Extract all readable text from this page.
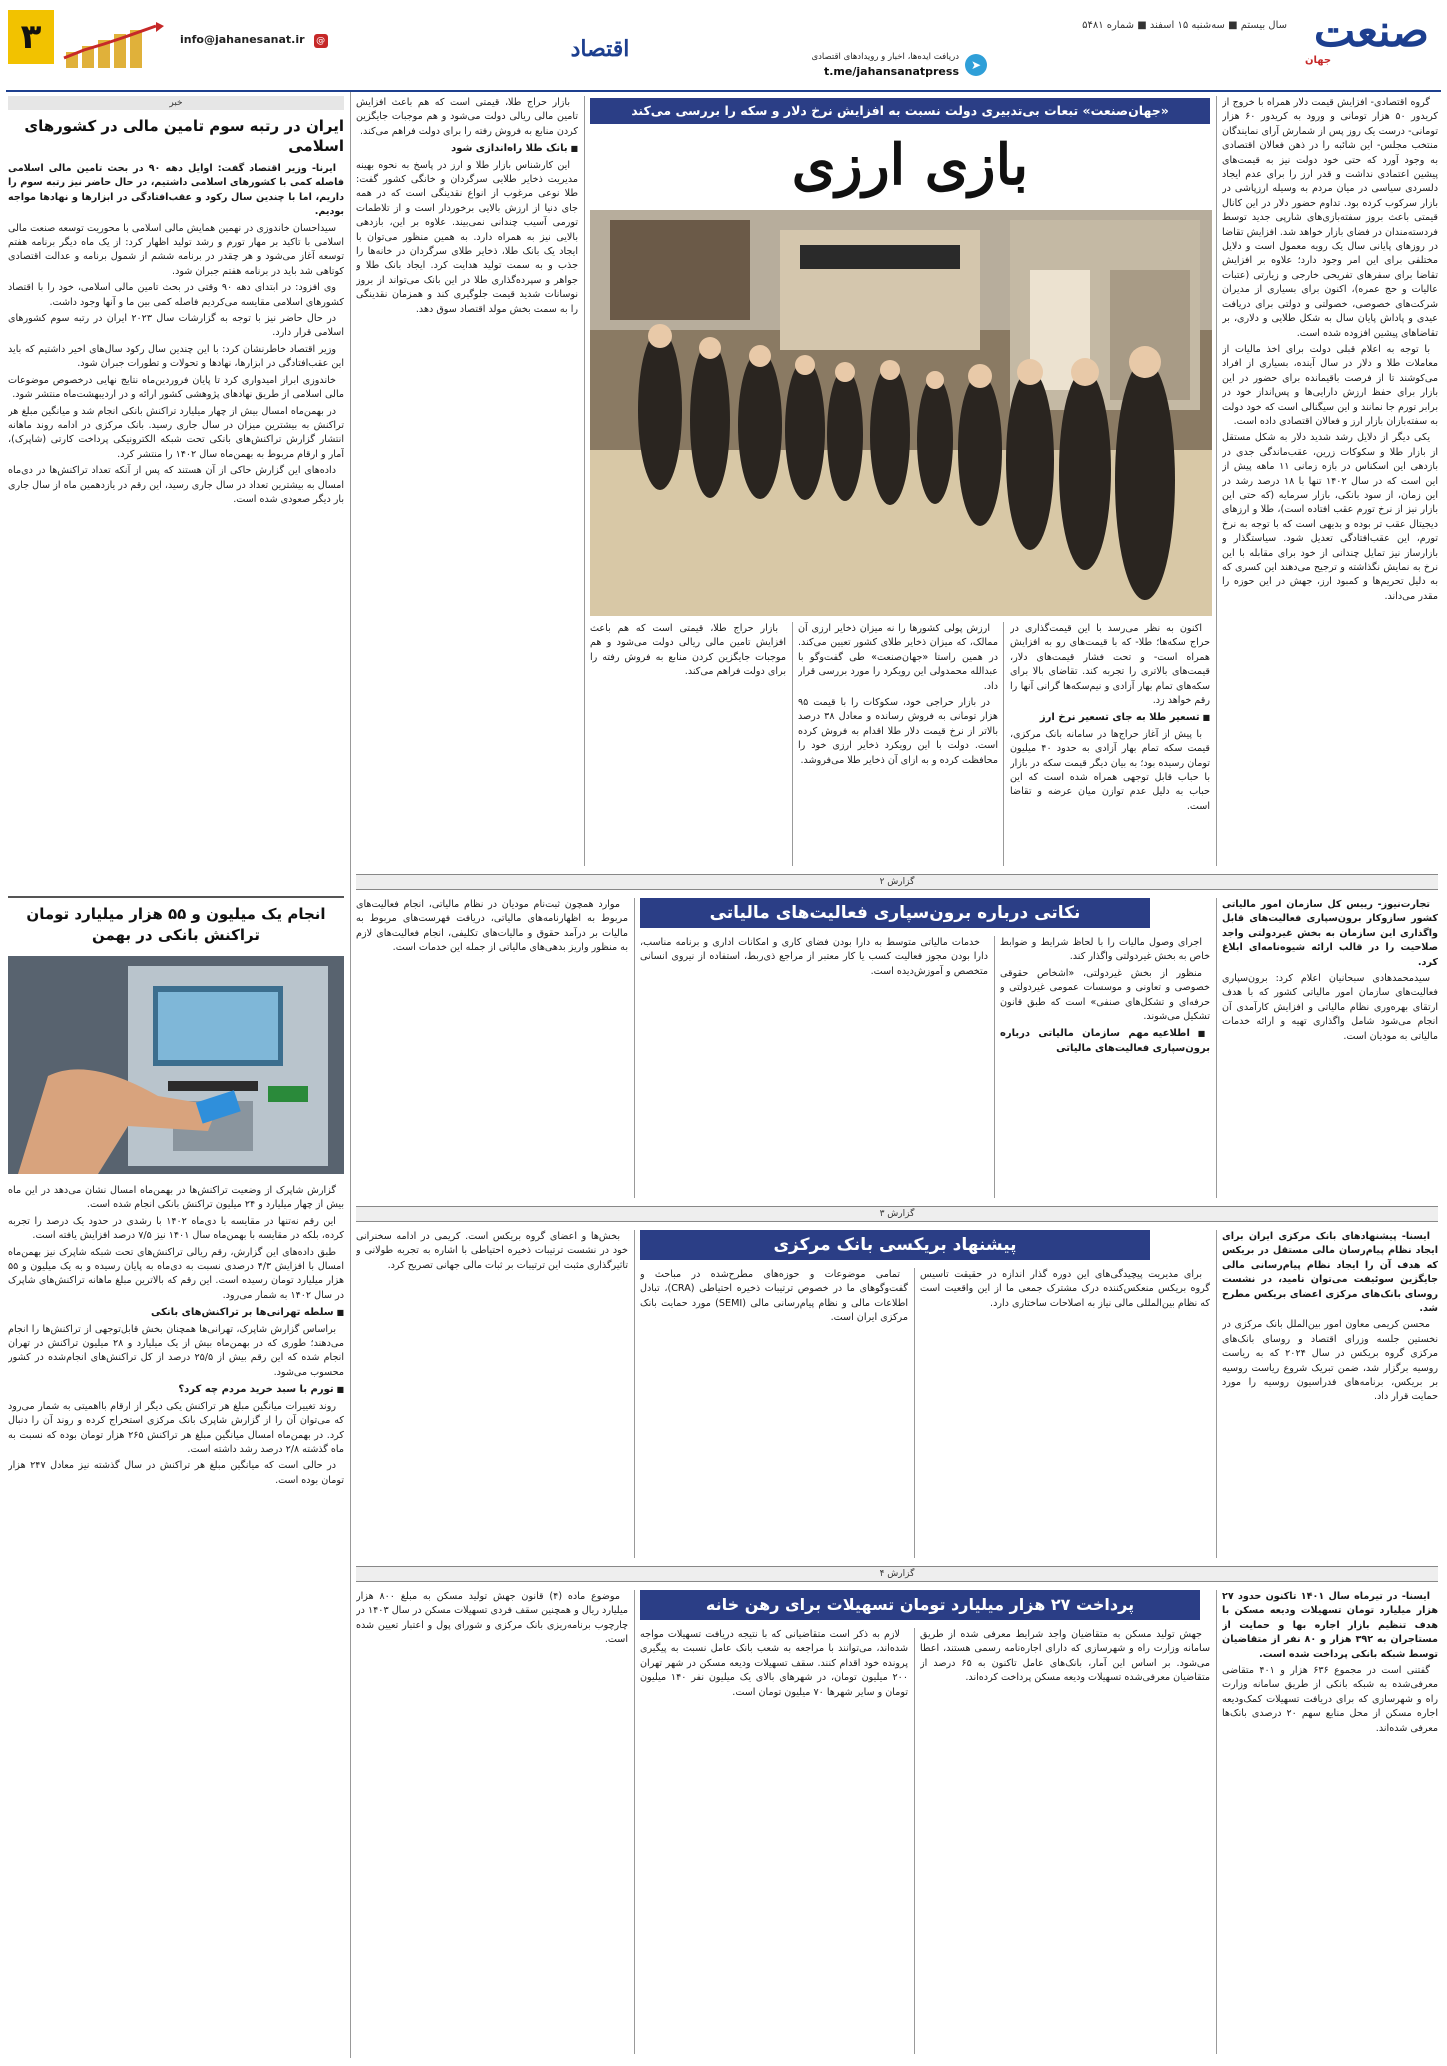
صنعت
جهان
سال بیستم ■ سه‌شنبه ۱۵ اسفند ■ شماره ۵۴۸۱
➤
دریافت ایده‌ها، اخبار و رویدادهای اقتصادی
t.me/jahansanatpress
اقتصاد
info@jahanesanat.ir @
۳
خبر
ایران در رتبه سوم تامین مالی در کشورهای اسلامی

ایرنا- وزیر اقتصاد گفت: اوایل دهه ۹۰ در بحث تامین مالی اسلامی فاصله کمی با کشورهای اسلامی داشتیم، در حال حاضر نیز رتبه سوم را داریم، اما با چندین سال رکود و عقب‌افتادگی در ابزارها و نهادها مواجه بودیم.

سیداحسان خاندوزی در نهمین همایش مالی اسلامی با محوریت توسعه صنعت مالی اسلامی با تاکید بر مهار تورم و رشد تولید اظهار کرد: از یک ماه دیگر برنامه هفتم توسعه آغاز می‌شود و هر چقدر در برنامه ششم از شمول برنامه و عدالت اقتصادی کوتاهی شد باید در برنامه هفتم جبران شود.

وی افزود: در ابتدای دهه ۹۰ وقتی در بحث تامین مالی اسلامی، خود را با اقتصاد کشورهای اسلامی مقایسه می‌کردیم فاصله کمی بین ما و آنها وجود داشت.

در حال حاضر نیز با توجه به گزارشات سال ۲۰۲۳ ایران در رتبه سوم کشورهای اسلامی قرار دارد.

وزیر اقتصاد خاطرنشان کرد: با این چندین سال رکود سال‌های اخیر داشتیم که باید این عقب‌افتادگی در ابزارها، نهادها و تحولات و تطورات جبران شود.

خاندوزی ابراز امیدواری کرد تا پایان فروردین‌ماه نتایج نهایی درخصوص موضوعات مالی اسلامی از طریق نهادهای پژوهشی کشور ارائه و در اردیبهشت‌ماه منتشر شود.

در بهمن‌ماه امسال بیش از چهار میلیارد تراکنش بانکی انجام شد و میانگین مبلغ هر تراکنش به بیشترین میزان در سال جاری رسید. بانک مرکزی در ادامه روند ماهانه انتشار گزارش تراکنش‌های بانکی تحت شبکه الکترونیکی پرداخت کارتی (شاپرک)، آمار و ارقام مربوط به بهمن‌ماه سال ۱۴۰۲ را منتشر کرد.

داده‌های این گزارش حاکی از آن هستند که پس از آنکه تعداد تراکنش‌ها در دی‌ماه امسال به بیشترین تعداد در سال جاری رسید، این رقم در یازدهمین ماه از سال جاری بار دیگر صعودی شده است.

انجام یک میلیون و ۵۵ هزار میلیارد تومان
تراکنش بانکی در بهمن

گزارش شاپرک از وضعیت تراکنش‌ها در بهمن‌ماه امسال نشان می‌دهد در این ماه بیش از چهار میلیارد و ۲۴ میلیون تراکنش بانکی انجام شده است.

این رقم نه‌تنها در مقایسه با دی‌ماه ۱۴۰۲ با رشدی در حدود یک درصد را تجربه کرده، بلکه در مقایسه با بهمن‌ماه سال ۱۴۰۱ نیز ۷/۵ درصد افزایش یافته است.

طبق داده‌های این گزارش، رقم ریالی تراکنش‌های تحت شبکه شاپرک نیز بهمن‌ماه امسال با افزایش ۴/۳ درصدی نسبت به دی‌ماه به پایان رسیده و به یک میلیون و ۵۵ هزار میلیارد تومان رسیده است. این رقم که بالاترین مبلغ ماهانه تراکنش‌های شاپرک در سال ۱۴۰۲ به شمار می‌رود.

■ سلطه تهرانی‌ها بر تراکنش‌های بانکی

براساس گزارش شاپرک، تهرانی‌ها همچنان بخش قابل‌توجهی از تراکنش‌ها را انجام می‌دهند؛ طوری که در بهمن‌ماه بیش از یک میلیارد و ۲۸ میلیون تراکنش در تهران انجام شده که این رقم بیش از ۲۵/۵ درصد از کل تراکنش‌های انجام‌شده در کشور محسوب می‌شود.

■ تورم با سبد خرید مردم چه کرد؟

روند تغییرات میانگین مبلغ هر تراکنش یکی دیگر از ارقام بااهمیتی به شمار می‌رود که می‌توان آن را از گزارش شاپرک بانک مرکزی استخراج کرده و روند آن را دنبال کرد. در بهمن‌ماه امسال میانگین مبلغ هر تراکنش ۲۶۵ هزار تومان بوده که نسبت به ماه گذشته ۲/۸ درصد رشد داشته است.

در حالی است که میانگین مبلغ هر تراکنش در سال گذشته نیز معادل ۲۴۷ هزار تومان بوده است.

گروه اقتصادی- افزایش قیمت دلار همراه با خروج از کریدور ۵۰ هزار تومانی و ورود به کریدور ۶۰ هزار تومانی- درست یک روز پس از شمارش آرای نمایندگان منتخب مجلس- این شائبه را در ذهن فعالان اقتصادی به وجود آورد که حتی خود دولت نیز به قیمت‌های پیشین اعتمادی نداشت و قدر ارز را برای عدم ایجاد دلسردی سیاسی در میان مردم به وسیله ارزپاشی در بازار سرکوب کرده بود. تداوم حضور دلار در این کانال قیمتی باعث بروز سفته‌بازی‌های شارپی جدید توسط فردسته‌مندان در فضای بازار خواهد شد. افزایش تقاضا در روزهای پایانی سال یک رویه معمول است و دلایل مختلفی برای این امر وجود دارد؛ علاوه بر افزایش تقاضا برای سفرهای تفریحی خارجی و زیارتی (عتبات عالیات و حج عمره)، اکنون برای بسیاری از مدیران شرکت‌های خصوصی، خصولتی و دولتی برای دریافت عیدی و پاداش پایان سال به شکل طلایی و دلاری، بر تقاضاهای پیشین افزوده شده است.

با توجه به اعلام قبلی دولت برای اخذ مالیات از معاملات طلا و دلار در سال آینده، بسیاری از افراد می‌کوشند تا از فرصت باقیمانده برای حضور در این بازار برای حفظ ارزش دارایی‌ها و پس‌انداز خود در برابر تورم جا نمانند و این سیگنالی است که خود دولت به سفته‌بازان بازار ارز و فعالان اقتصادی داده است.

یکی دیگر از دلایل رشد شدید دلار به شکل مستقل از بازار طلا و سکوکات زرین، عقب‌ماندگی جدی در بازدهی این اسکناس در بازه زمانی ۱۱ ماهه پیش از این است که در سال ۱۴۰۲ تنها با ۱۸ درصد رشد در این زمان، از سود بانکی، بازار سرمایه (که حتی این بازار نیز از نرخ تورم عقب افتاده است)، طلا و ارزهای دیجیتال عقب تر بوده و بدیهی است که با توجه به نرخ تورم، این عقب‌افتادگی تعدیل شود. سیاستگذار و بازارساز نیز تمایل چندانی از خود برای مقابله با این نرخ به نمایش نگذاشته و ترجیح می‌دهند این کسری که به دلیل تحریم‌ها و کمبود ارز، جهش در این حوزه را مقدر می‌داند.

«جهان‌صنعت» تبعات بی‌تدبیری دولت نسبت به افزایش نرخ دلار و سکه را بررسی می‌کند
بازی ارزی

اکنون به نظر می‌رسد با این قیمت‌گذاری در حراج سکه‌ها؛ طلا- که با قیمت‌های رو به افزایش همراه است- و تحت فشار قیمت‌های دلار، قیمت‌های بالاتری را تجربه کند. تقاضای بالا برای سکه‌های تمام بهار آزادی و نیم‌سکه‌ها گرانی آنها را رقم خواهد زد.

■ تسعیر طلا به جای تسعیر نرخ ارز

با پیش از آغاز حراج‌ها در سامانه بانک مرکزی، قیمت سکه تمام بهار آزادی به حدود ۴۰ میلیون تومان رسیده بود؛ به بیان دیگر قیمت سکه در بازار با حباب قابل توجهی همراه شده است که این حباب به دلیل عدم توازن میان عرضه و تقاضا است.

ارزش پولی کشورها را نه میزان ذخایر ارزی آن ممالک، که میزان ذخایر طلای کشور تعیین می‌کند. در همین راستا «جهان‌صنعت» طی گفت‌وگو با عبدالله محمدولی این رویکرد را مورد بررسی قرار داد.

در بازار حراجی خود، سکوکات را با قیمت ۹۵ هزار تومانی به فروش رسانده و معادل ۳۸ درصد بالاتر از نرخ قیمت دلار طلا اقدام به فروش کرده است. دولت با این رویکرد ذخایر ارزی خود را محافظت کرده و به ازای آن ذخایر طلا می‌فروشد.

بازار حراج طلا، قیمتی است که هم باعث افزایش تامین مالی ریالی دولت می‌شود و هم موجبات جایگزین کردن منابع به فروش رفته را برای دولت فراهم می‌کند.

بازار حراج طلا، قیمتی است که هم باعث افزایش تامین مالی ریالی دولت می‌شود و هم موجبات جایگزین کردن منابع به فروش رفته را برای دولت فراهم می‌کند.

■ بانک طلا راه‌اندازی شود

این کارشناس بازار طلا و ارز در پاسخ به نحوه بهینه مدیریت ذخایر طلایی سرگردان و خانگی کشور گفت: طلا نوعی مرغوب از انواع نقدینگی است که در همه جای دنیا از ارزش بالایی برخوردار است و از تلاطمات تورمی آسیب چندانی نمی‌بیند. علاوه بر این، بازدهی بالایی نیز به همراه دارد. به همین منظور می‌توان با ایجاد یک بانک طلا، ذخایر طلای سرگردان در خانه‌ها را جذب و به سمت تولید هدایت کرد. ایجاد بانک طلا و جواهر و سپرده‌گذاری طلا در این بانک می‌تواند از بروز نوسانات شدید قیمت جلوگیری کند و همزمان نقدینگی را به سمت بخش مولد اقتصاد سوق دهد.

گزارش ۲
نکاتی درباره برون‌سپاری فعالیت‌های مالیاتی	تجارت‌نیوز- رییس کل سازمان امور مالیاتی کشور سازوکار برون‌سپاری فعالیت‌های قابل واگذاری این سازمان به بخش غیردولتی واجد صلاحیت را در قالب ارائه شیوه‌نامه‌ای ابلاغ کرد.

سیدمحمدهادی سبحانیان اعلام کرد: برون‌سپاری فعالیت‌های سازمان امور مالیاتی کشور که با هدف ارتقای بهره‌وری نظام مالیاتی و افزایش کارآمدی آن انجام می‌شود شامل واگذاری تهیه و ارائه خدمات مالیاتی به مودیان است.

اجرای وصول مالیات را با لحاظ شرایط و ضوابط خاص به بخش غیردولتی واگذار کند.

منظور از بخش غیردولتی، «اشخاص حقوقی خصوصی و تعاونی و موسسات عمومی غیردولتی و حرفه‌ای و تشکل‌های صنفی» است که طبق قانون تشکیل می‌شوند.

■ اطلاعیه مهم سازمان مالیاتی درباره برون‌سپاری فعالیت‌های مالیاتی

خدمات مالیاتی متوسط به دارا بودن فضای کاری و امکانات اداری و برنامه مناسب، دارا بودن مجوز فعالیت کسب یا کار معتبر از مراجع ذی‌ربط، استفاده از نیروی انسانی متخصص و آموزش‌دیده است.

موارد همچون ثبت‌نام مودیان در نظام مالیاتی، انجام فعالیت‌های مربوط به اظهارنامه‌های مالیاتی، دریافت فهرست‌های مربوط به مالیات بر درآمد حقوق و مالیات‌های تکلیفی، انجام فعالیت‌های لازم به منظور واریز بدهی‌های مالیاتی از جمله این خدمات است.

گزارش ۳
پیشنهاد بریکسی بانک مرکزی	ایسنا- پیشنهادهای بانک مرکزی ایران برای ایجاد نظام پیام‌رسان مالی مستقل در بریکس که هدف آن را ایجاد نظام پیام‌رسانی مالی جایگزین سوئیفت می‌توان نامید، در نشست روسای بانک‌های مرکزی اعضای بریکس مطرح شد.

محسن کریمی معاون امور بین‌الملل بانک مرکزی در نخستین جلسه وزرای اقتصاد و روسای بانک‌های مرکزی گروه بریکس در سال ۲۰۲۴ که به ریاست روسیه برگزار شد، ضمن تبریک شروع ریاست روسیه بر بریکس، برنامه‌های فدراسیون روسیه را مورد حمایت قرار داد.

برای مدیریت پیچیدگی‌های این دوره گذار اندازه در حقیقت تاسیس گروه بریکس منعکس‌کننده درک مشترک جمعی ما از این واقعیت است که نظام بین‌المللی مالی نیاز به اصلاحات ساختاری دارد.

تمامی موضوعات و حوزه‌های مطرح‌شده در مباحث و گفت‌وگوهای ما در خصوص ترتیبات ذخیره احتیاطی (CRA)، تبادل اطلاعات مالی و نظام پیام‌رسانی مالی (SEMI) مورد حمایت بانک مرکزی ایران است.

بخش‌ها و اعضای گروه بریکس است. کریمی در ادامه سخنرانی خود در نشست ترتیبات ذخیره احتیاطی با اشاره به تجربه طولانی و تاثیرگذاری مثبت این ترتیبات بر ثبات مالی جهانی تصریح کرد.

گزارش ۴
پرداخت ۲۷ هزار میلیارد تومان تسهیلات برای رهن خانه	ایسنا- در تیرماه سال ۱۴۰۱ تاکنون حدود ۲۷ هزار میلیارد تومان تسهیلات ودیعه مسکن با هدف تنظیم بازار اجاره بها و حمایت از مستاجران به ۳۹۲ هزار و ۸۰ نفر از متقاضیان توسط شبکه بانکی پرداخت شده است.

گفتنی است در مجموع ۶۳۶ هزار و ۴۰۱ متقاضی معرفی‌شده به شبکه بانکی از طریق سامانه وزارت راه و شهرسازی که برای دریافت تسهیلات کمک‌ودیعه اجاره مسکن از محل منابع سهم ۲۰ درصدی بانک‌ها معرفی شده‌اند.

جهش تولید مسکن به متقاضیان واجد شرایط معرفی شده از طریق سامانه وزارت راه و شهرسازی که دارای اجاره‌نامه رسمی هستند، اعطا می‌شود. بر اساس این آمار، بانک‌های عامل تاکنون به ۶۵ درصد از متقاضیان معرفی‌شده تسهیلات ودیعه مسکن پرداخت کرده‌اند.

لازم به ذکر است متقاضیانی که با نتیجه دریافت تسهیلات مواجه شده‌اند، می‌توانند با مراجعه به شعب بانک عامل نسبت به پیگیری پرونده خود اقدام کنند. سقف تسهیلات ودیعه مسکن در شهر تهران ۲۰۰ میلیون تومان، در شهرهای بالای یک میلیون نفر ۱۴۰ میلیون تومان و سایر شهرها ۷۰ میلیون تومان است.

موضوع ماده (۴) قانون جهش تولید مسکن به مبلغ ۸۰۰ هزار میلیارد ریال و همچنین سقف فردی تسهیلات مسکن در سال ۱۴۰۳ در چارچوب برنامه‌ریزی بانک مرکزی و شورای پول و اعتبار تعیین شده است.
